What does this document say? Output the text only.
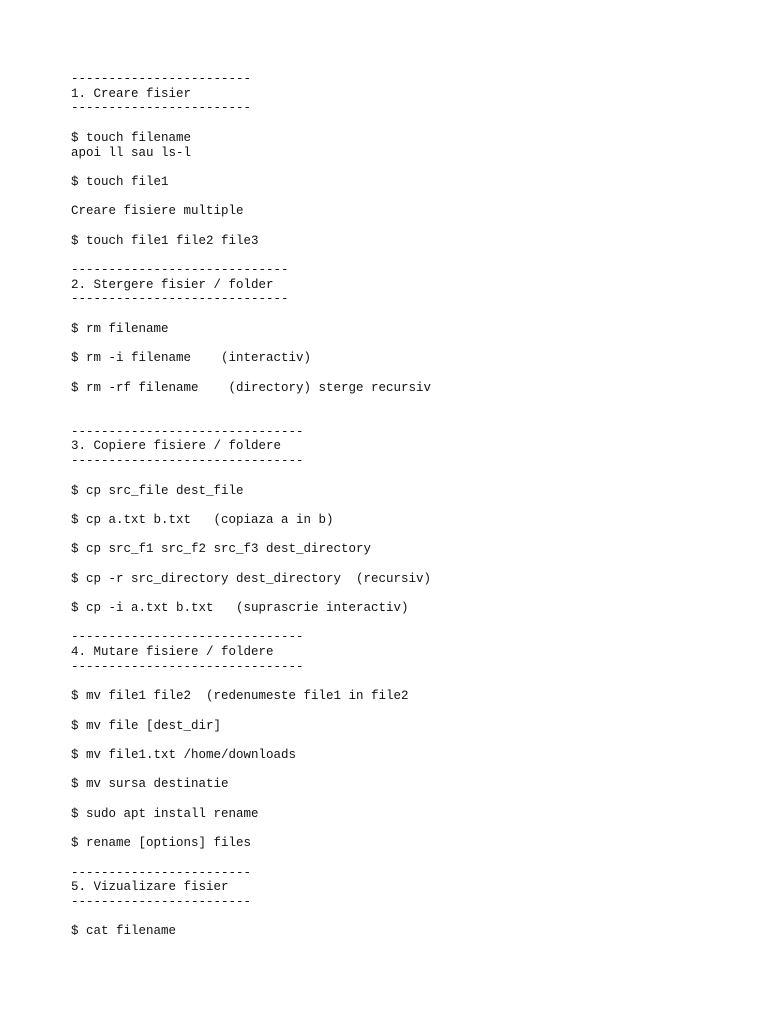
------------------------
1. Creare fisier
------------------------
$ touch filename
apoi ll sau ls-l
$ touch file1
Creare fisiere multiple
$ touch file1 file2 file3
-----------------------------
2. Stergere fisier / folder
-----------------------------
$ rm filename
$ rm -i filename    (interactiv)
$ rm -rf filename    (directory) sterge recursiv
-------------------------------
3. Copiere fisiere / foldere
-------------------------------
$ cp src_file dest_file
$ cp a.txt b.txt   (copiaza a in b)
$ cp src_f1 src_f2 src_f3 dest_directory
$ cp -r src_directory dest_directory  (recursiv)
$ cp -i a.txt b.txt   (suprascrie interactiv)
-------------------------------
4. Mutare fisiere / foldere
-------------------------------
$ mv file1 file2  (redenumeste file1 in file2
$ mv file [dest_dir]
$ mv file1.txt /home/downloads
$ mv sursa destinatie
$ sudo apt install rename
$ rename [options] files
------------------------
5. Vizualizare fisier
------------------------
$ cat filename
